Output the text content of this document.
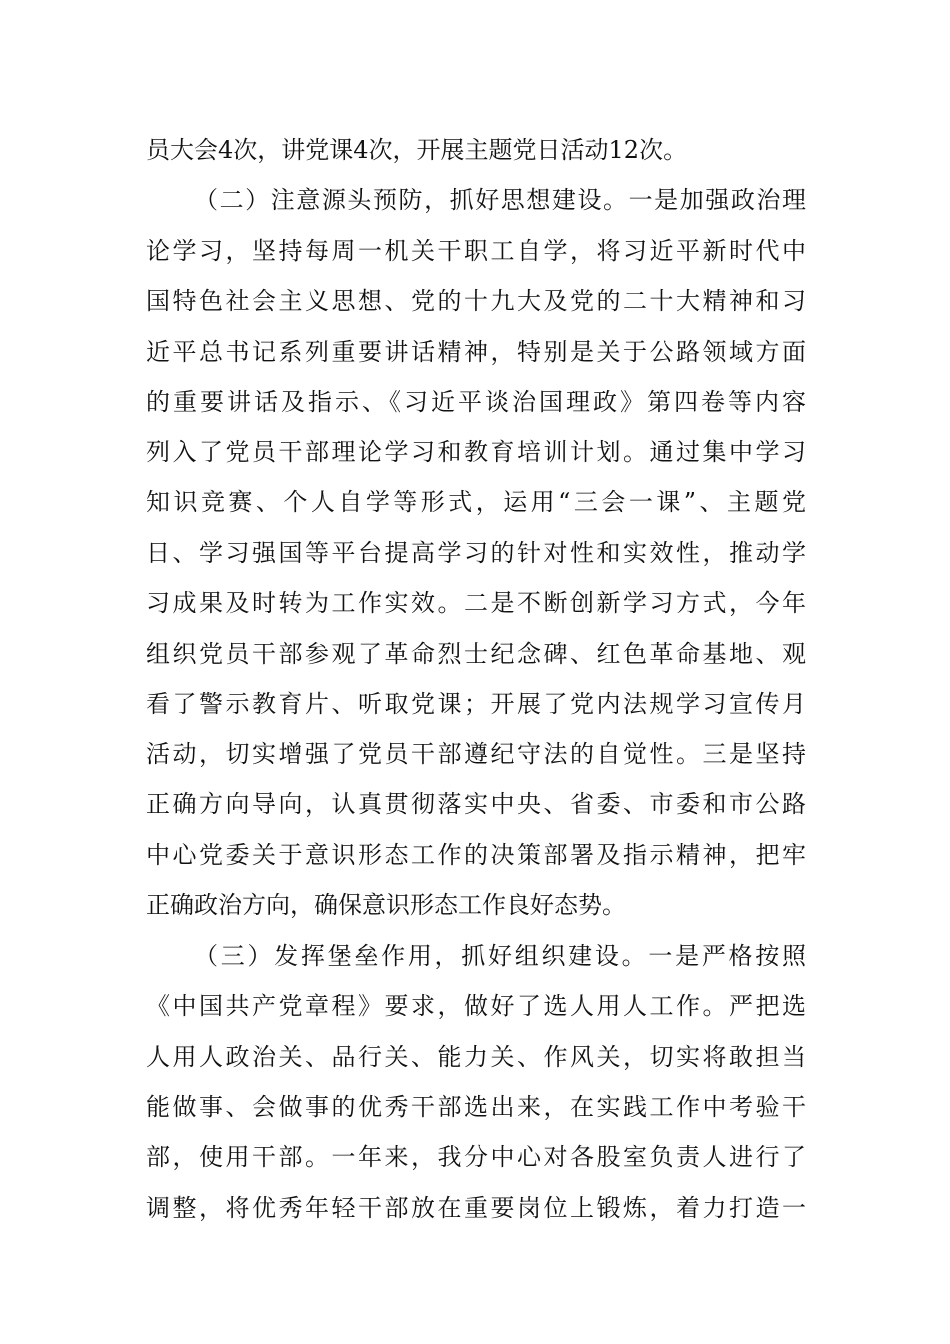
员大会4次，讲党课4次，开展主题党日活动12次。
（二）注意源头预防，抓好思想建设。一是加强政治理
论学习，坚持每周一机关干职工自学，将习近平新时代中
国特色社会主义思想、党的十九大及党的二十大精神和习
近平总书记系列重要讲话精神，特别是关于公路领域方面
的重要讲话及指示、《习近平谈治国理政》第四卷等内容
列入了党员干部理论学习和教育培训计划。通过集中学习
知识竞赛、个人自学等形式，运用“三会一课”、主题党
日、学习强国等平台提高学习的针对性和实效性，推动学
习成果及时转为工作实效。二是不断创新学习方式，今年
组织党员干部参观了革命烈士纪念碑、红色革命基地、观
看了警示教育片、听取党课；开展了党内法规学习宣传月
活动，切实增强了党员干部遵纪守法的自觉性。三是坚持
正确方向导向，认真贯彻落实中央、省委、市委和市公路
中心党委关于意识形态工作的决策部署及指示精神，把牢
正确政治方向，确保意识形态工作良好态势。
（三）发挥堡垒作用，抓好组织建设。一是严格按照
《中国共产党章程》要求，做好了选人用人工作。严把选
人用人政治关、品行关、能力关、作风关，切实将敢担当
能做事、会做事的优秀干部选出来，在实践工作中考验干
部，使用干部。一年来，我分中心对各股室负责人进行了
调整，将优秀年轻干部放在重要岗位上锻炼，着力打造一
